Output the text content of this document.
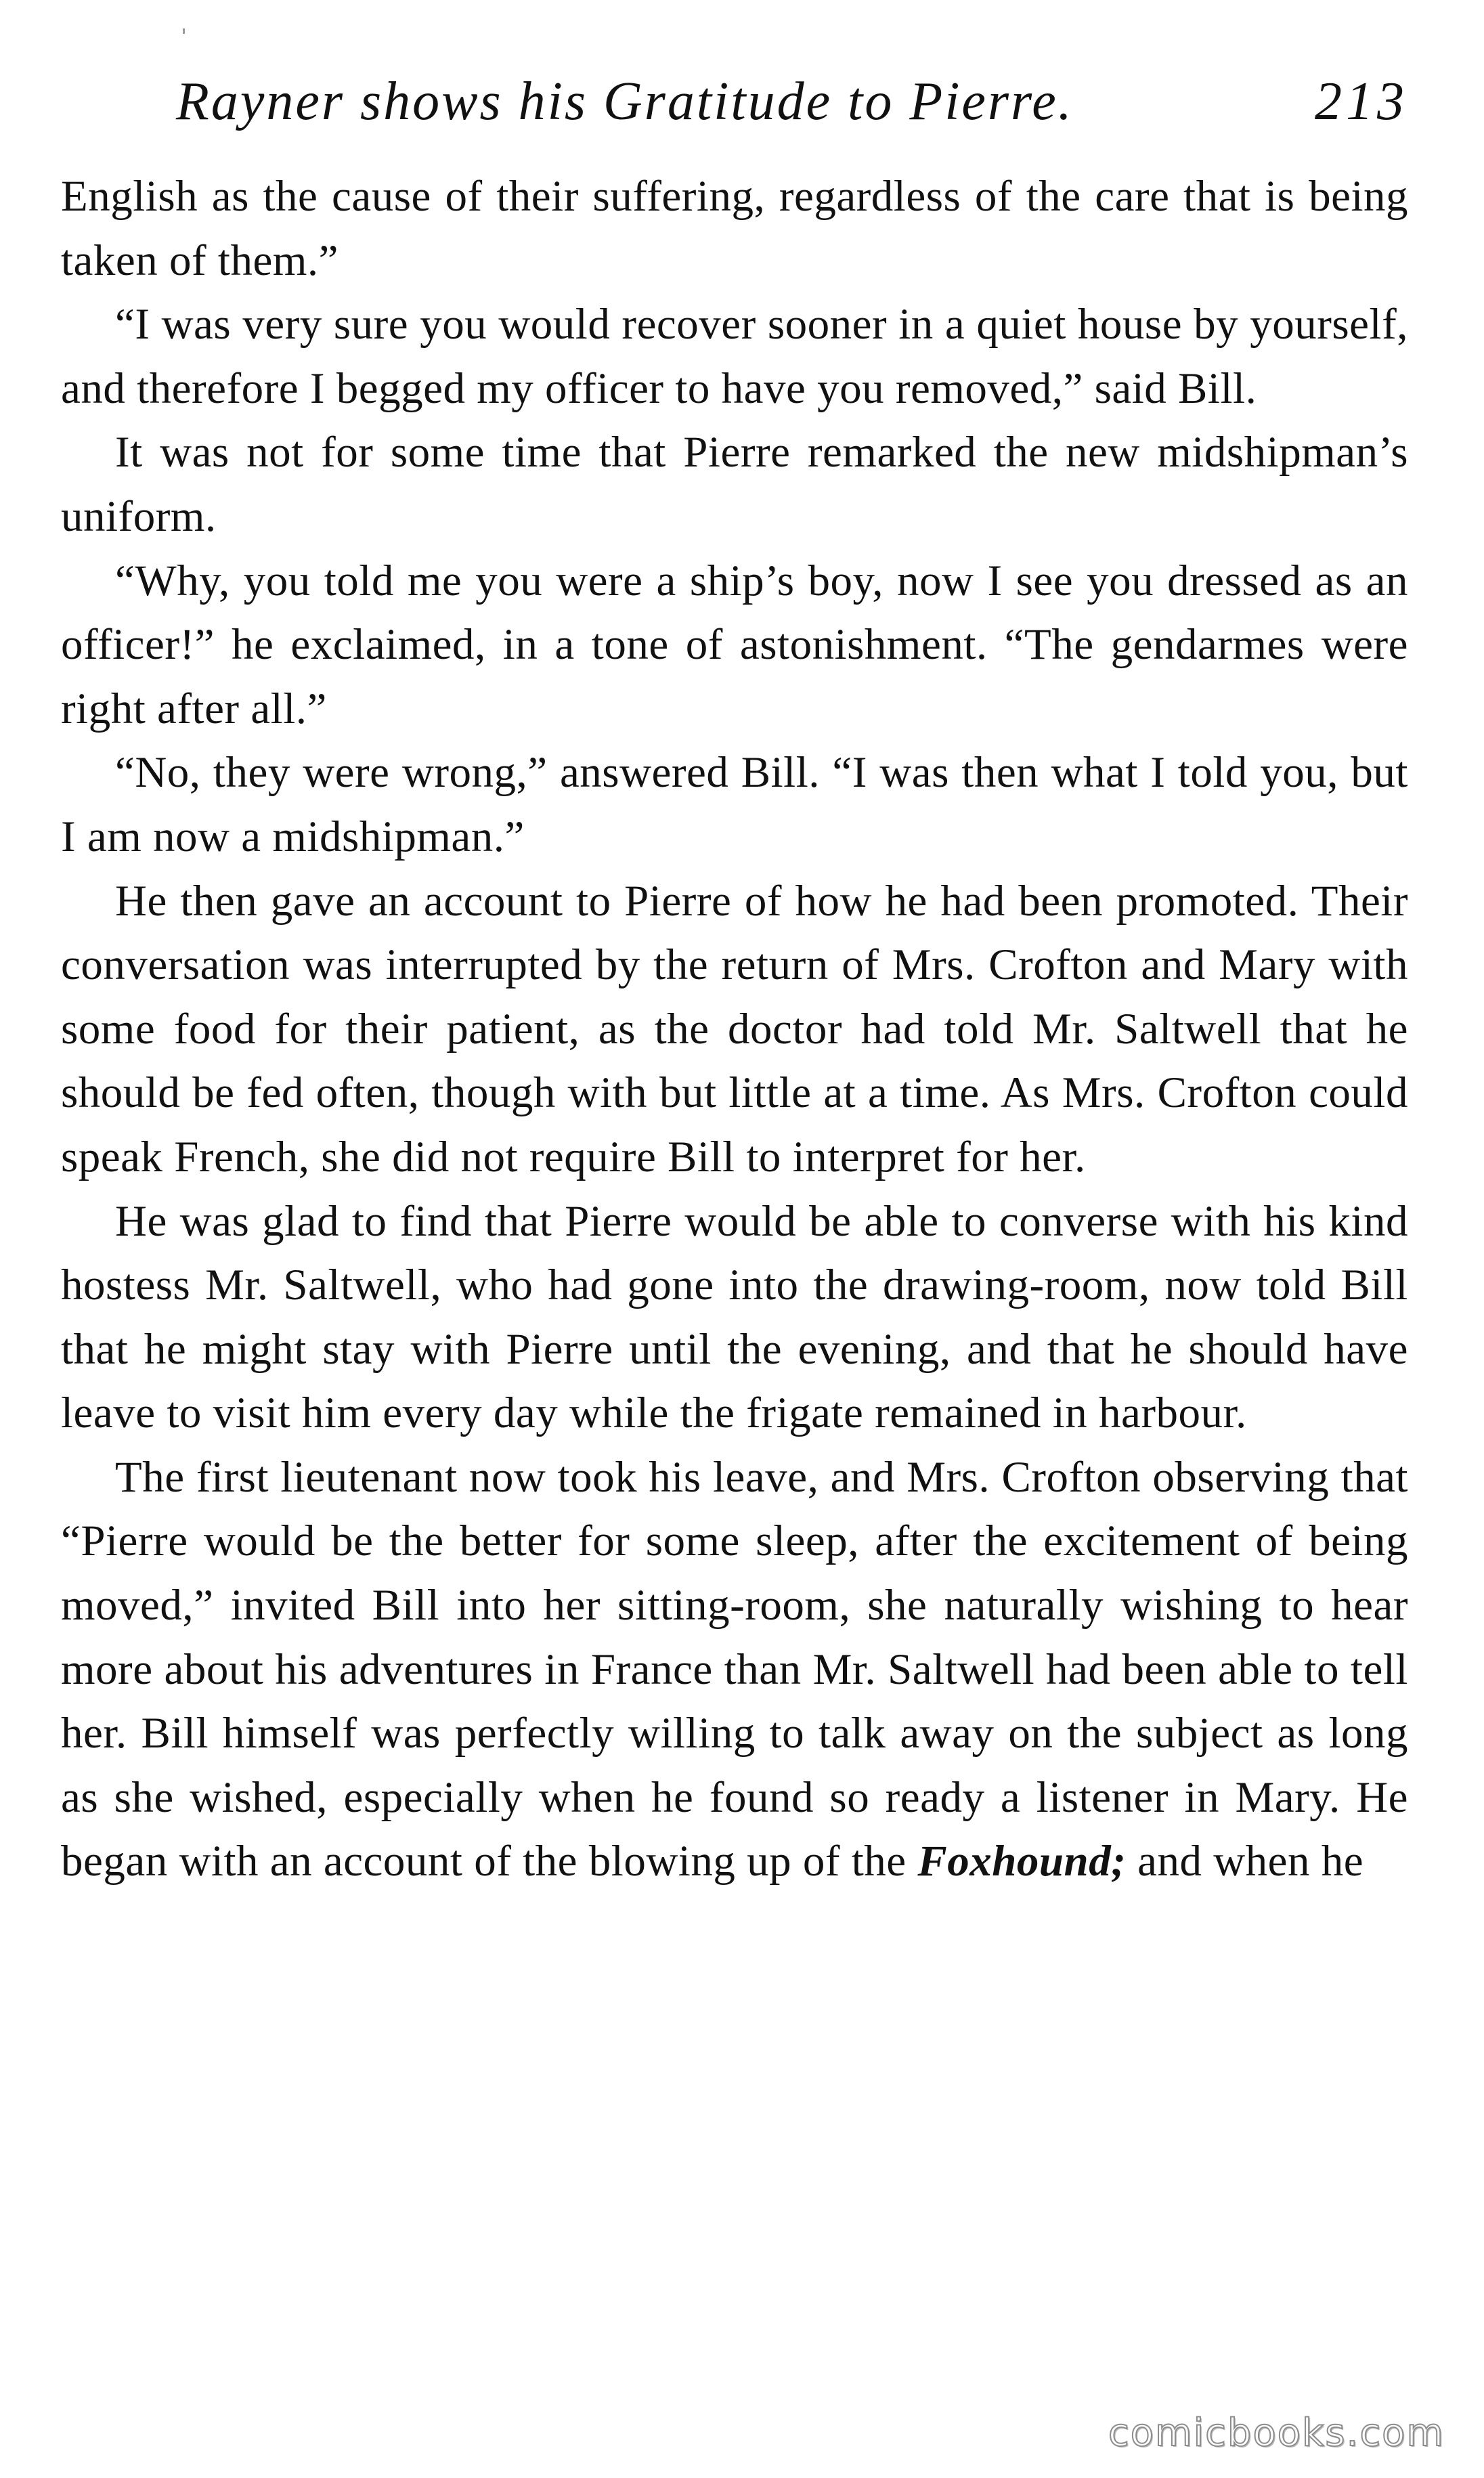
Rayner shows his Gratitude to Pierre.	213

English as the cause of their suffering, regardless of the care that is being taken of them.”

“I was very sure you would recover sooner in a quiet house by yourself, and therefore I begged my officer to have you removed,” said Bill.

It was not for some time that Pierre remarked the new midshipman’s uniform.

“Why, you told me you were a ship’s boy, now I see you dressed as an officer!” he exclaimed, in a tone of astonishment. “The gendarmes were right after all.”

“No, they were wrong,” answered Bill. “I was then what I told you, but I am now a midshipman.”

He then gave an account to Pierre of how he had been promoted. Their conversation was interrupted by the return of Mrs. Crofton and Mary with some food for their patient, as the doctor had told Mr. Saltwell that he should be fed often, though with but little at a time. As Mrs. Crofton could speak French, she did not require Bill to interpret for her.

He was glad to find that Pierre would be able to converse with his kind hostess Mr. Saltwell, who had gone into the drawing-room, now told Bill that he might stay with Pierre until the evening, and that he should have leave to visit him every day while the frigate remained in harbour.

The first lieutenant now took his leave, and Mrs. Crofton observing that “Pierre would be the better for some sleep, after the excitement of being moved,” invited Bill into her sitting-room, she naturally wishing to hear more about his adventures in France than Mr. Saltwell had been able to tell her. Bill himself was perfectly willing to talk away on the subject as long as she wished, especially when he found so ready a listener in Mary. He began with an account of the blowing up of the Foxhound; and when he

comicbooks.com
